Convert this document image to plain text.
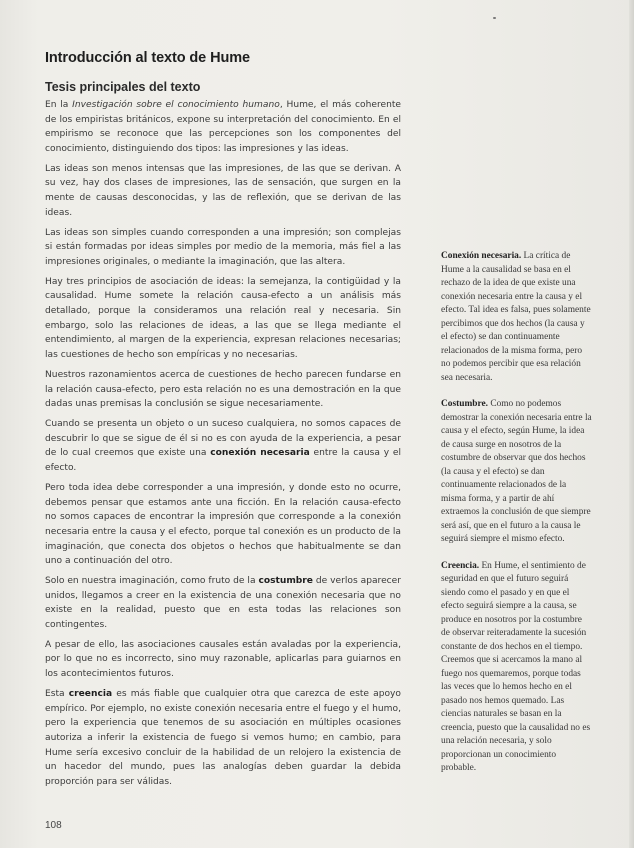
Introducción al texto de Hume
Tesis principales del texto

En la Investigación sobre el conocimiento humano, Hume, el más coherente de los empiristas británicos, expone su interpretación del conocimiento. En el empirismo se reconoce que las percepciones son los componentes del conocimiento, distinguiendo dos tipos: las impresiones y las ideas.

Las ideas son menos intensas que las impresiones, de las que se derivan. A su vez, hay dos clases de impresiones, las de sensación, que surgen en la mente de causas desconocidas, y las de reflexión, que se derivan de las ideas.

Las ideas son simples cuando corresponden a una impresión; son complejas si están formadas por ideas simples por medio de la memoria, más fiel a las impresiones originales, o mediante la imaginación, que las altera.

Hay tres principios de asociación de ideas: la semejanza, la contigüidad y la causalidad. Hume somete la relación causa-efecto a un análisis más detallado, porque la consideramos una relación real y necesaria. Sin embargo, solo las relaciones de ideas, a las que se llega mediante el entendimiento, al margen de la experiencia, expresan relaciones necesarias; las cuestiones de hecho son empíricas y no necesarias.

Nuestros razonamientos acerca de cuestiones de hecho parecen fundarse en la relación causa-efecto, pero esta relación no es una demostración en la que dadas unas premisas la conclusión se sigue necesariamente.

Cuando se presenta un objeto o un suceso cualquiera, no somos capaces de descubrir lo que se sigue de él si no es con ayuda de la experiencia, a pesar de lo cual creemos que existe una conexión necesaria entre la causa y el efecto.

Pero toda idea debe corresponder a una impresión, y donde esto no ocurre, debemos pensar que estamos ante una ficción. En la relación causa-efecto no somos capaces de encontrar la impresión que corresponde a la conexión necesaria entre la causa y el efecto, porque tal conexión es un producto de la imaginación, que conecta dos objetos o hechos que habitualmente se dan uno a continuación del otro.

Solo en nuestra imaginación, como fruto de la costumbre de verlos aparecer unidos, llegamos a creer en la existencia de una conexión necesaria que no existe en la realidad, puesto que en esta todas las relaciones son contingentes.

A pesar de ello, las asociaciones causales están avaladas por la experiencia, por lo que no es incorrecto, sino muy razonable, aplicarlas para guiarnos en los acontecimientos futuros.

Esta creencia es más fiable que cualquier otra que carezca de este apoyo empírico. Por ejemplo, no existe conexión necesaria entre el fuego y el humo, pero la experiencia que tenemos de su asociación en múltiples ocasiones autoriza a inferir la existencia de fuego si vemos humo; en cambio, para Hume sería excesivo concluir de la habilidad de un relojero la existencia de un hacedor del mundo, pues las analogías deben guardar la debida proporción para ser válidas.

Conexión necesaria. La crítica de Hume a la causalidad se basa en el rechazo de la idea de que existe una conexión necesaria entre la causa y el efecto. Tal idea es falsa, pues solamente percibimos que dos hechos (la causa y el efecto) se dan continuamente relacionados de la misma forma, pero no podemos percibir que esa relación sea necesaria.

Costumbre. Como no podemos demostrar la conexión necesaria entre la causa y el efecto, según Hume, la idea de causa surge en nosotros de la costumbre de observar que dos hechos (la causa y el efecto) se dan continuamente relacionados de la misma forma, y a partir de ahí extraemos la conclusión de que siempre será así, que en el futuro a la causa le seguirá siempre el mismo efecto.

Creencia. En Hume, el sentimiento de seguridad en que el futuro seguirá siendo como el pasado y en que el efecto seguirá siempre a la causa, se produce en nosotros por la costumbre de observar reiteradamente la sucesión constante de dos hechos en el tiempo. Creemos que si acercamos la mano al fuego nos quemaremos, porque todas las veces que lo hemos hecho en el pasado nos hemos quemado. Las ciencias naturales se basan en la creencia, puesto que la causalidad no es una relación necesaria, y solo proporcionan un conocimiento probable.

108
